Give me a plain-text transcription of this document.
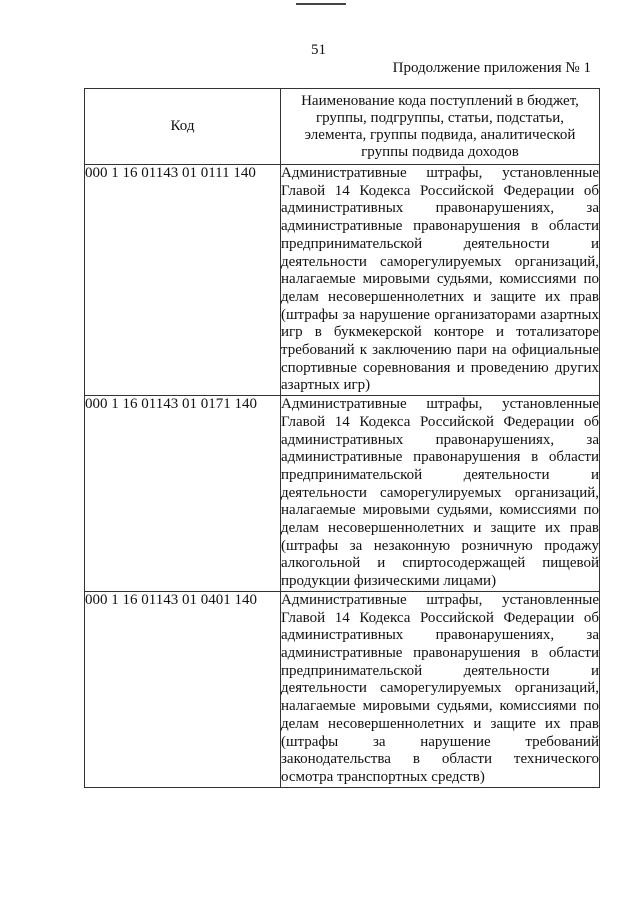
51
Продолжение приложения № 1
Код	Наименование кода поступлений в бюджет, группы, подгруппы, статьи, подстатьи, элемента, группы подвида, аналитической группы подвида доходов
000 1 16 01143 01 0111 140	Административные штрафы, установленные Главой 14 Кодекса Российской Федерации об административных правонарушениях, за административные правонарушения в области предпринимательской деятельности и деятельности саморегулируемых организаций, налагаемые мировыми судьями, комиссиями по делам несовершеннолетних и защите их прав (штрафы за нарушение организаторами азартных игр в букмекерской конторе и тотализаторе требований к заключению пари на официальные спортивные соревнования и проведению других азартных игр)
000 1 16 01143 01 0171 140	Административные штрафы, установленные Главой 14 Кодекса Российской Федерации об административных правонарушениях, за административные правонарушения в области предпринимательской деятельности и деятельности саморегулируемых организаций, налагаемые мировыми судьями, комиссиями по делам несовершеннолетних и защите их прав (штрафы за незаконную розничную продажу алкогольной и спиртосодержащей пищевой продукции физическими лицами)
000 1 16 01143 01 0401 140	Административные штрафы, установленные Главой 14 Кодекса Российской Федерации об административных правонарушениях, за административные правонарушения в области предпринимательской деятельности и деятельности саморегулируемых организаций, налагаемые мировыми судьями, комиссиями по делам несовершеннолетних и защите их прав (штрафы за нарушение требований законодательства в области технического осмотра транспортных средств)
